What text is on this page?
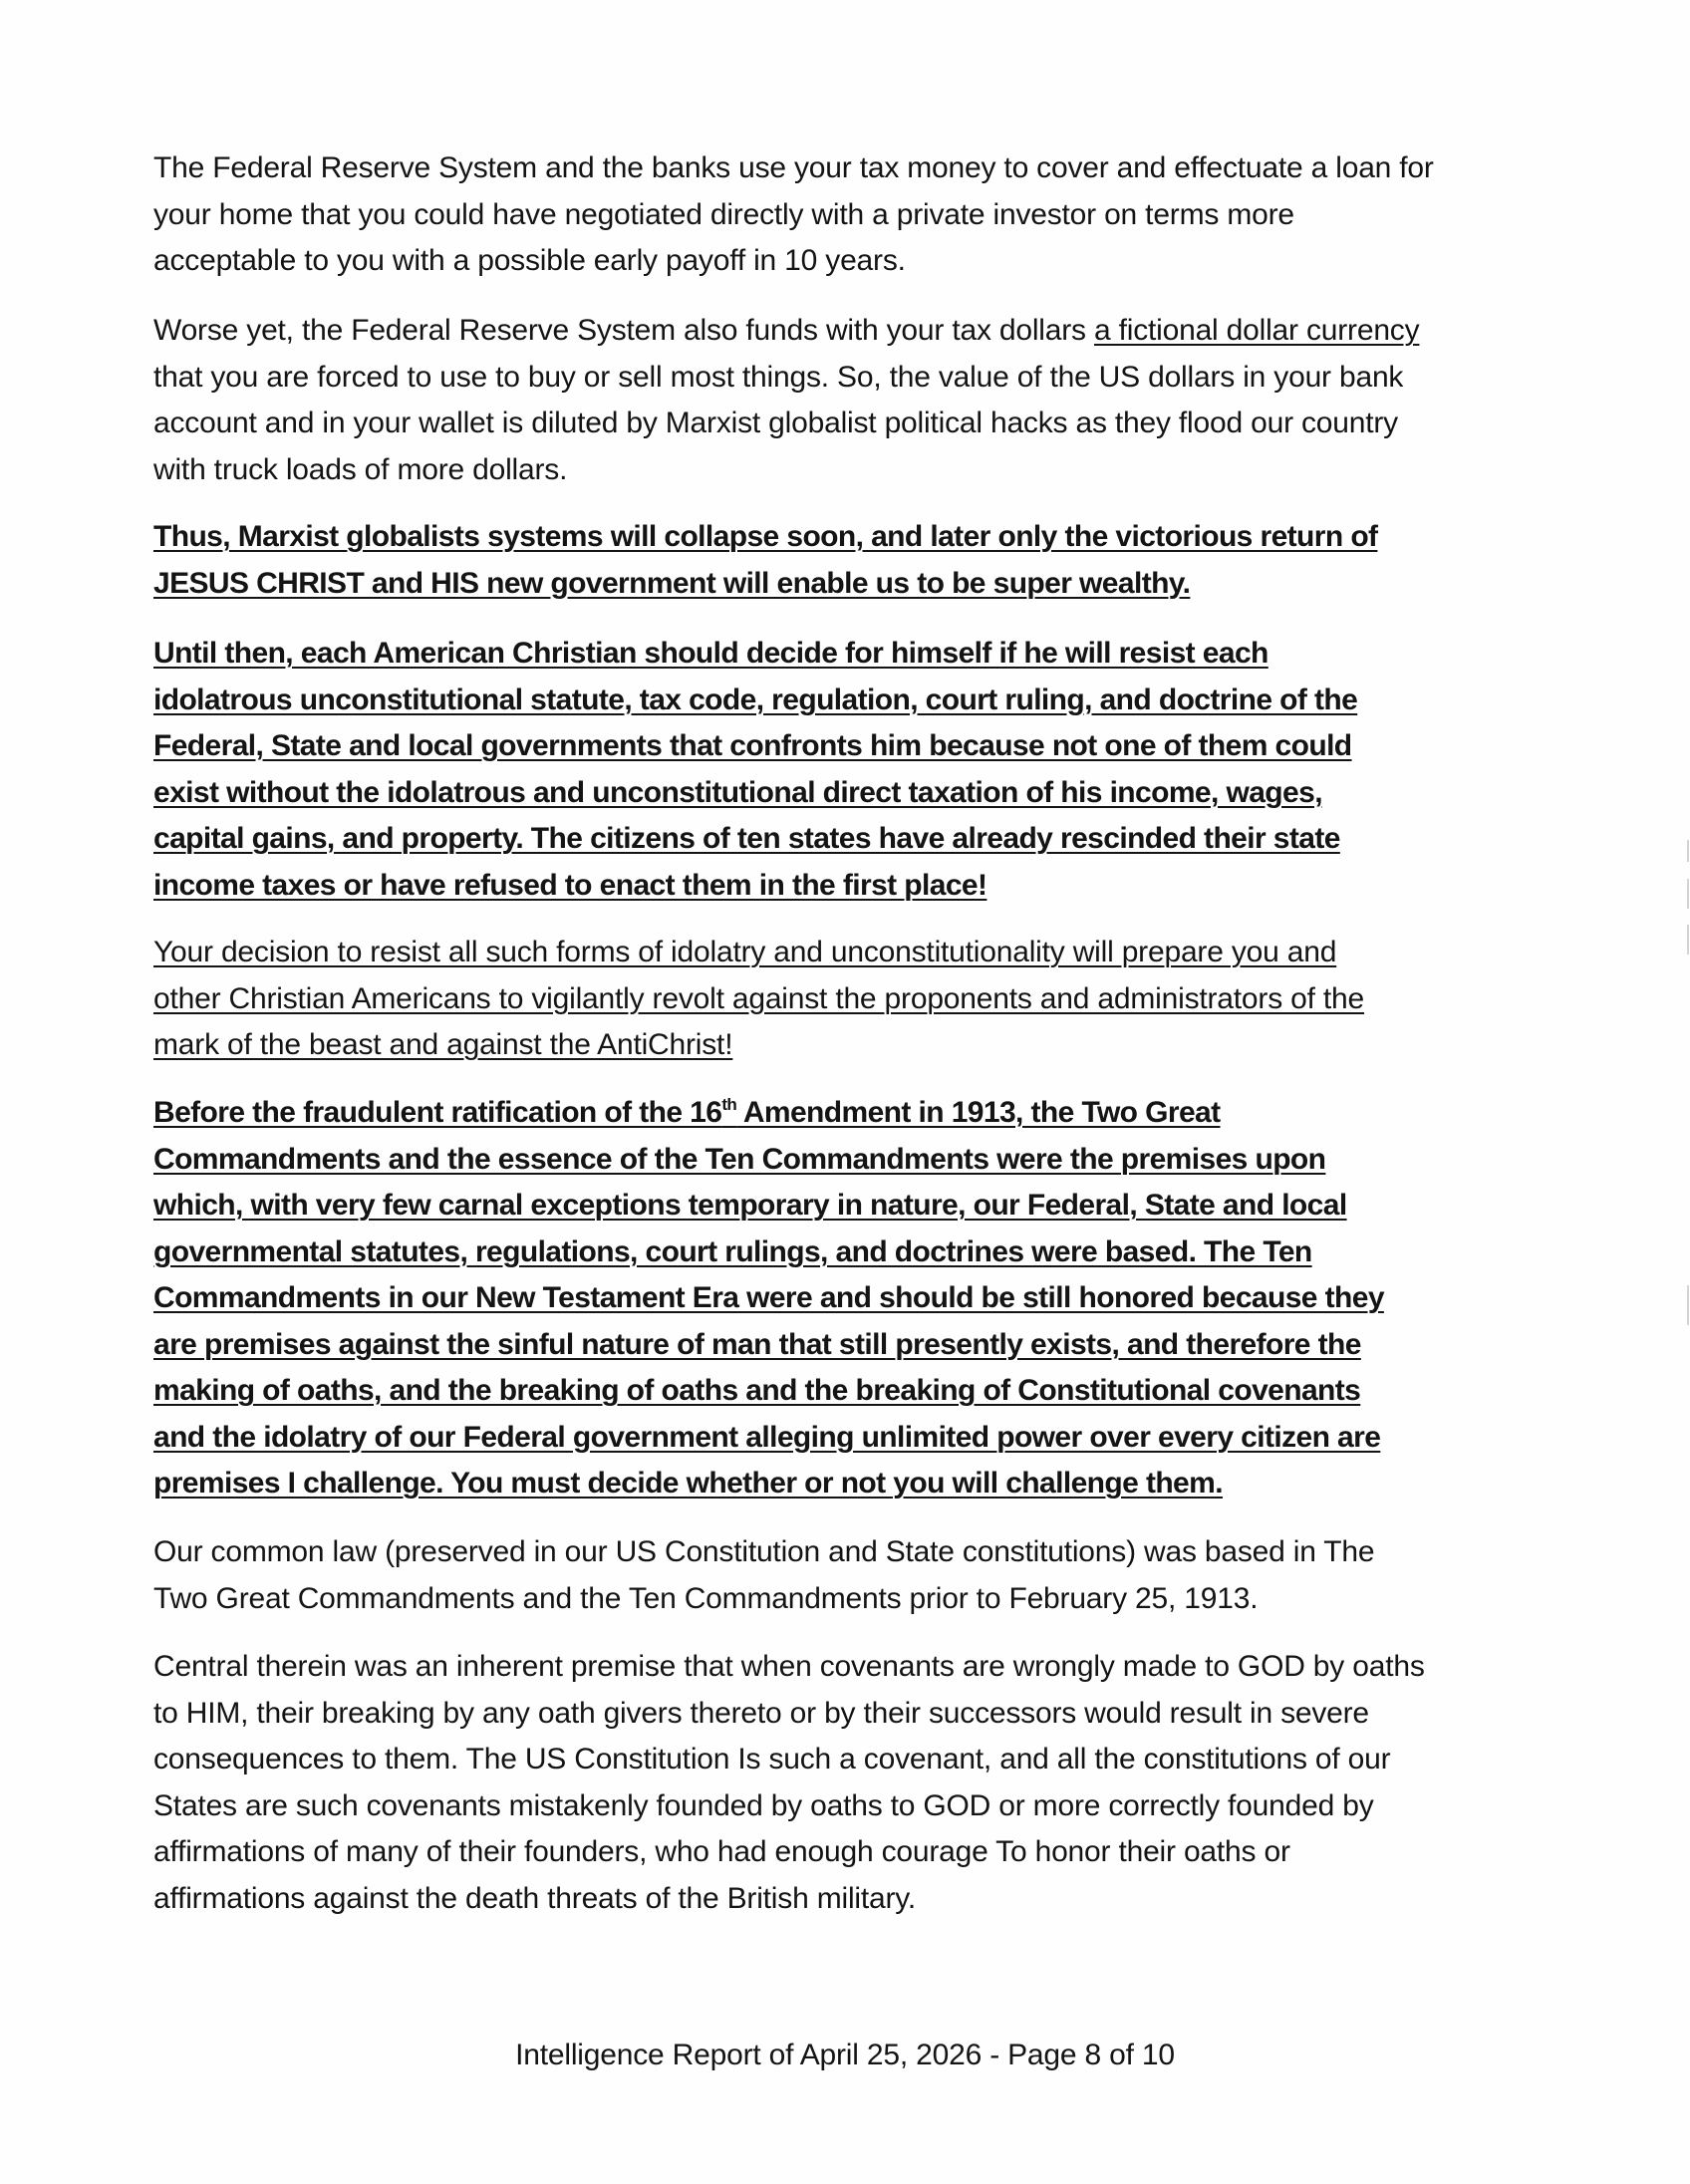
The Federal Reserve System and the banks use your tax money to cover and effectuate a loan for
your home that you could have negotiated directly with a private investor on terms more
acceptable to you with a possible early payoff in 10 years.
Worse yet, the Federal Reserve System also funds with your tax dollars a fictional dollar currency
that you are forced to use to buy or sell most things. So, the value of the US dollars in your bank
account and in your wallet is diluted by Marxist globalist political hacks as they flood our country
with truck loads of more dollars.
Thus, Marxist globalists systems will collapse soon, and later only the victorious return of
JESUS CHRIST and HIS new government will enable us to be super wealthy.
Until then, each American Christian should decide for himself if he will resist each
idolatrous unconstitutional statute, tax code, regulation, court ruling, and doctrine of the
Federal, State and local governments that confronts him because not one of them could
exist without the idolatrous and unconstitutional direct taxation of his income, wages,
capital gains, and property. The citizens of ten states have already rescinded their state
income taxes or have refused to enact them in the first place!
Your decision to resist all such forms of idolatry and unconstitutionality will prepare you and
other Christian Americans to vigilantly revolt against the proponents and administrators of the
mark of the beast and against the AntiChrist!
Before the fraudulent ratification of the 16th Amendment in 1913, the Two Great
Commandments and the essence of the Ten Commandments were the premises upon
which, with very few carnal exceptions temporary in nature, our Federal, State and local
governmental statutes, regulations, court rulings, and doctrines were based. The Ten
Commandments in our New Testament Era were and should be still honored because they
are premises against the sinful nature of man that still presently exists, and therefore the
making of oaths, and the breaking of oaths and the breaking of Constitutional covenants
and the idolatry of our Federal government alleging unlimited power over every citizen are
premises I challenge. You must decide whether or not you will challenge them.
Our common law (preserved in our US Constitution and State constitutions) was based in The
Two Great Commandments and the Ten Commandments prior to February 25, 1913.
Central therein was an inherent premise that when covenants are wrongly made to GOD by oaths
to HIM, their breaking by any oath givers thereto or by their successors would result in severe
consequences to them. The US Constitution Is such a covenant, and all the constitutions of our
States are such covenants mistakenly founded by oaths to GOD or more correctly founded by
affirmations of many of their founders, who had enough courage To honor their oaths or
affirmations against the death threats of the British military.
Intelligence Report of April 25, 2026 - Page 8 of 10
